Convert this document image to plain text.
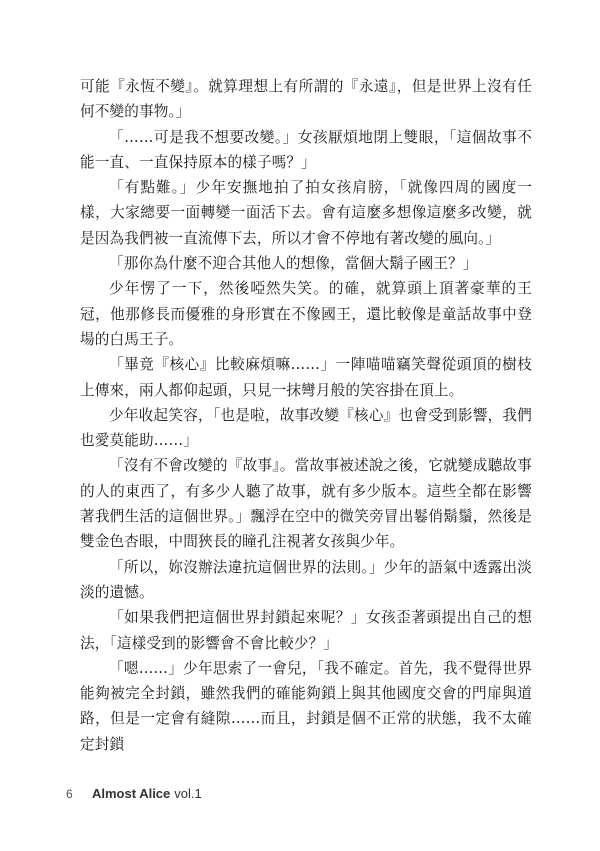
可能『永恆不變』。就算理想上有所謂的『永遠』，但是世界上沒有任何不變的事物。」

「……可是我不想要改變。」女孩厭煩地閉上雙眼，「這個故事不能一直、一直保持原本的樣子嗎？」

「有點難。」少年安撫地拍了拍女孩肩膀，「就像四周的國度一樣，大家總要一面轉變一面活下去。會有這麼多想像這麼多改變，就是因為我們被一直流傳下去，所以才會不停地有著改變的風向。」

「那你為什麼不迎合其他人的想像，當個大鬍子國王？」

少年愣了一下，然後啞然失笑。的確，就算頭上頂著豪華的王冠，他那修長而優雅的身形實在不像國王，還比較像是童話故事中登場的白馬王子。

「畢竟『核心』比較麻煩嘛……」一陣喵喵竊笑聲從頭頂的樹枝上傳來，兩人都仰起頭，只見一抹彎月般的笑容掛在頂上。

少年收起笑容，「也是啦，故事改變『核心』也會受到影響，我們也愛莫能助……」

「沒有不會改變的『故事』。當故事被述說之後，它就變成聽故事的人的東西了，有多少人聽了故事，就有多少版本。這些全都在影響著我們生活的這個世界。」飄浮在空中的微笑旁冒出鬈俏鬍鬚，然後是雙金色杏眼，中間狹長的瞳孔注視著女孩與少年。

「所以，妳沒辦法違抗這個世界的法則。」少年的語氣中透露出淡淡的遺憾。

「如果我們把這個世界封鎖起來呢？」女孩歪著頭提出自己的想法，「這樣受到的影響會不會比較少？」

「嗯……」少年思索了一會兒，「我不確定。首先，我不覺得世界能夠被完全封鎖，雖然我們的確能夠鎖上與其他國度交會的門扉與道路，但是一定會有縫隙……而且，封鎖是個不正常的狀態，我不太確定封鎖

6	Almost Alice vol.1
